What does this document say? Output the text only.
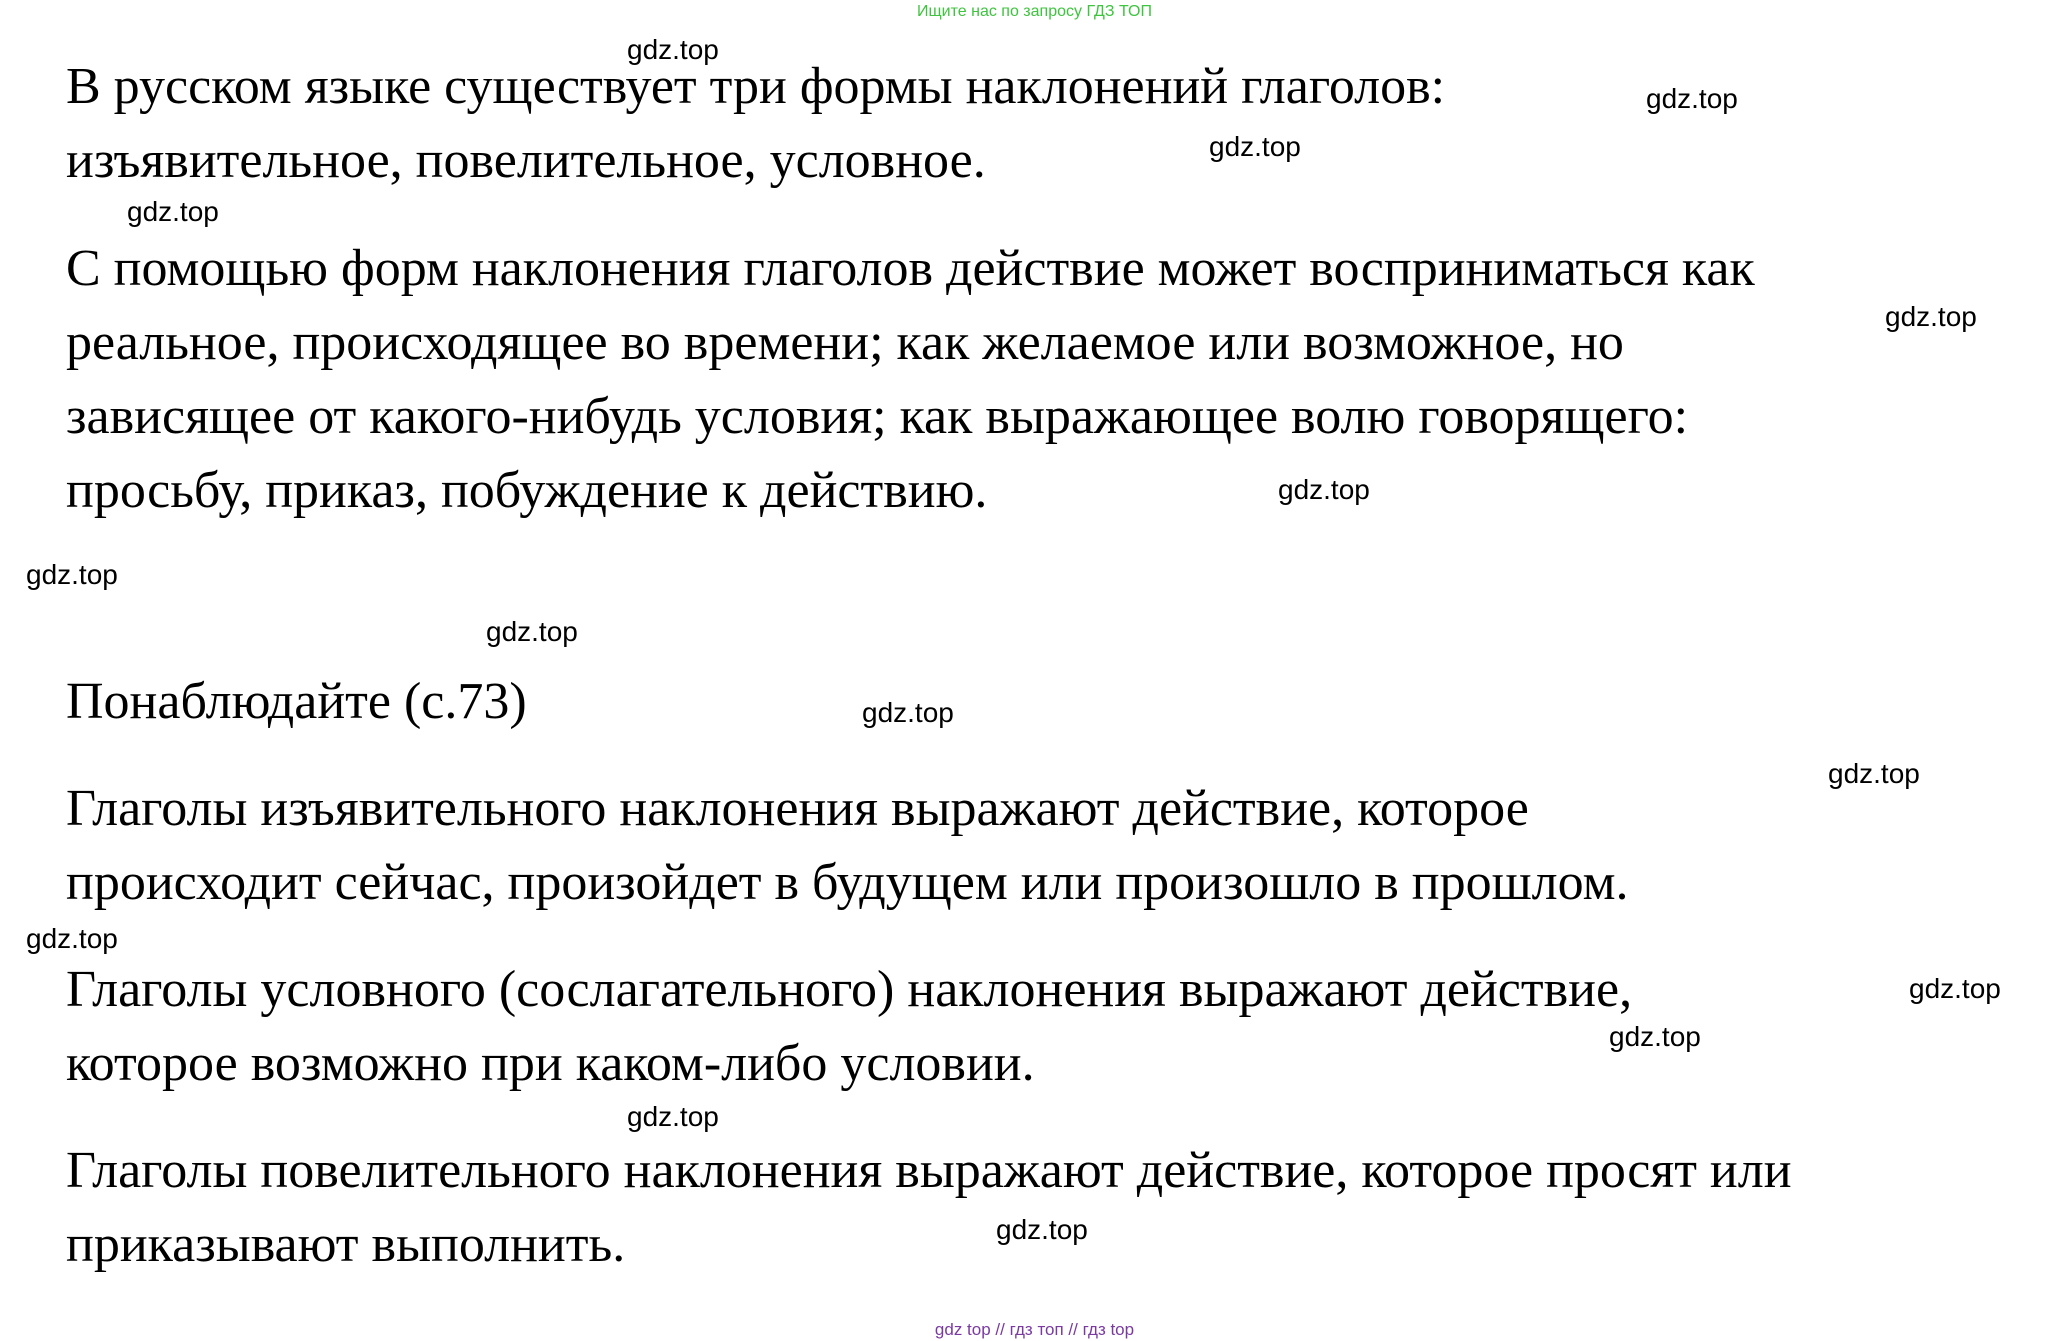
Ищите нас по запросу ГДЗ ТОП
В русском языке существует три формы наклонений глаголов:
изъявительное, повелительное, условное.
С помощью форм наклонения глаголов действие может восприниматься как
реальное, происходящее во времени; как желаемое или возможное, но
зависящее от какого-нибудь условия; как выражающее волю говорящего:
просьбу, приказ, побуждение к действию.
Понаблюдайте (с.73)
Глаголы изъявительного наклонения выражают действие, которое
происходит сейчас, произойдет в будущем или произошло в прошлом.
Глаголы условного (сослагательного) наклонения выражают действие,
которое возможно при каком-либо условии.
Глаголы повелительного наклонения выражают действие, которое просят или
приказывают выполнить.
gdz.top
gdz.top
gdz.top
gdz.top
gdz.top
gdz.top
gdz.top
gdz.top
gdz.top
gdz.top
gdz.top
gdz.top
gdz.top
gdz.top
gdz.top
gdz top // гдз топ // гдз top
